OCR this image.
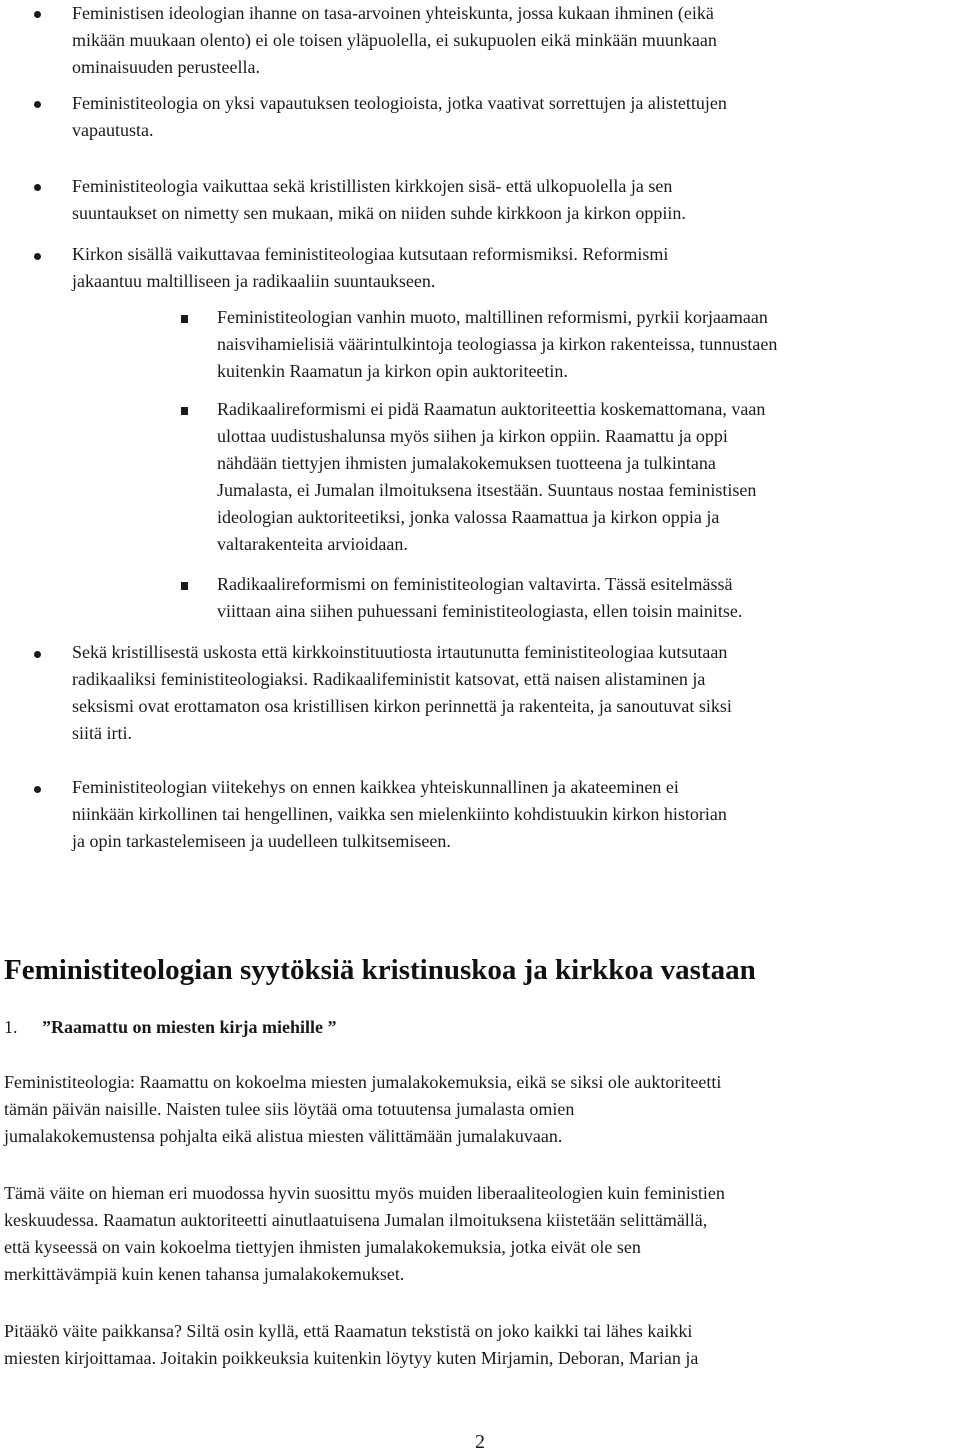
Feministisen ideologian ihanne on tasa-arvoinen yhteiskunta, jossa kukaan ihminen (eikä
mikään muukaan olento) ei ole toisen yläpuolella, ei sukupuolen eikä minkään muunkaan
ominaisuuden perusteella.

Feministiteologia on yksi vapautuksen teologioista, jotka vaativat sorrettujen ja alistettujen
vapautusta.

Feministiteologia vaikuttaa sekä kristillisten kirkkojen sisä- että ulkopuolella ja sen
suuntaukset on nimetty sen mukaan, mikä on niiden suhde kirkkoon ja kirkon oppiin.

Kirkon sisällä vaikuttavaa feministiteologiaa kutsutaan reformismiksi. Reformismi
jakaantuu maltilliseen ja radikaaliin suuntaukseen.

Feministiteologian vanhin muoto, maltillinen reformismi, pyrkii korjaamaan
naisvihamielisiä väärintulkintoja teologiassa ja kirkon rakenteissa, tunnustaen
kuitenkin Raamatun ja kirkon opin auktoriteetin.

Radikaalireformismi ei pidä Raamatun auktoriteettia koskemattomana, vaan
ulottaa uudistushalunsa myös siihen ja kirkon oppiin. Raamattu ja oppi
nähdään tiettyjen ihmisten jumalakokemuksen tuotteena ja tulkintana
Jumalasta, ei Jumalan ilmoituksena itsestään. Suuntaus nostaa feministisen
ideologian auktoriteetiksi, jonka valossa Raamattua ja kirkon oppia ja
valtarakenteita arvioidaan.

Radikaalireformismi on feministiteologian valtavirta. Tässä esitelmässä
viittaan aina siihen puhuessani feministiteologiasta, ellen toisin mainitse.

Sekä kristillisestä uskosta että kirkkoinstituutiosta irtautunutta feministiteologiaa kutsutaan
radikaaliksi feministiteologiaksi. Radikaalifeministit katsovat, että naisen alistaminen ja
seksismi ovat erottamaton osa kristillisen kirkon perinnettä ja rakenteita, ja sanoutuvat siksi
siitä irti.

Feministiteologian viitekehys on ennen kaikkea yhteiskunnallinen ja akateeminen ei
niinkään kirkollinen tai hengellinen, vaikka sen mielenkiinto kohdistuukin kirkon historian
ja opin tarkastelemiseen ja uudelleen tulkitsemiseen.

Feministiteologian syytöksiä kristinuskoa ja kirkkoa vastaan

1. ”Raamattu on miesten kirja miehille ”

Feministiteologia: Raamattu on kokoelma miesten jumalakokemuksia, eikä se siksi ole auktoriteetti
tämän päivän naisille. Naisten tulee siis löytää oma totuutensa jumalasta omien
jumalakokemustensa pohjalta eikä alistua miesten välittämään jumalakuvaan.

Tämä väite on hieman eri muodossa hyvin suosittu myös muiden liberaaliteologien kuin feministien
keskuudessa. Raamatun auktoriteetti ainutlaatuisena Jumalan ilmoituksena kiistetään selittämällä,
että kyseessä on vain kokoelma tiettyjen ihmisten jumalakokemuksia, jotka eivät ole sen
merkittävämpiä kuin kenen tahansa jumalakokemukset.

Pitääkö väite paikkansa? Siltä osin kyllä, että Raamatun tekstistä on joko kaikki tai lähes kaikki
miesten kirjoittamaa. Joitakin poikkeuksia kuitenkin löytyy kuten Mirjamin, Deboran, Marian ja

2
